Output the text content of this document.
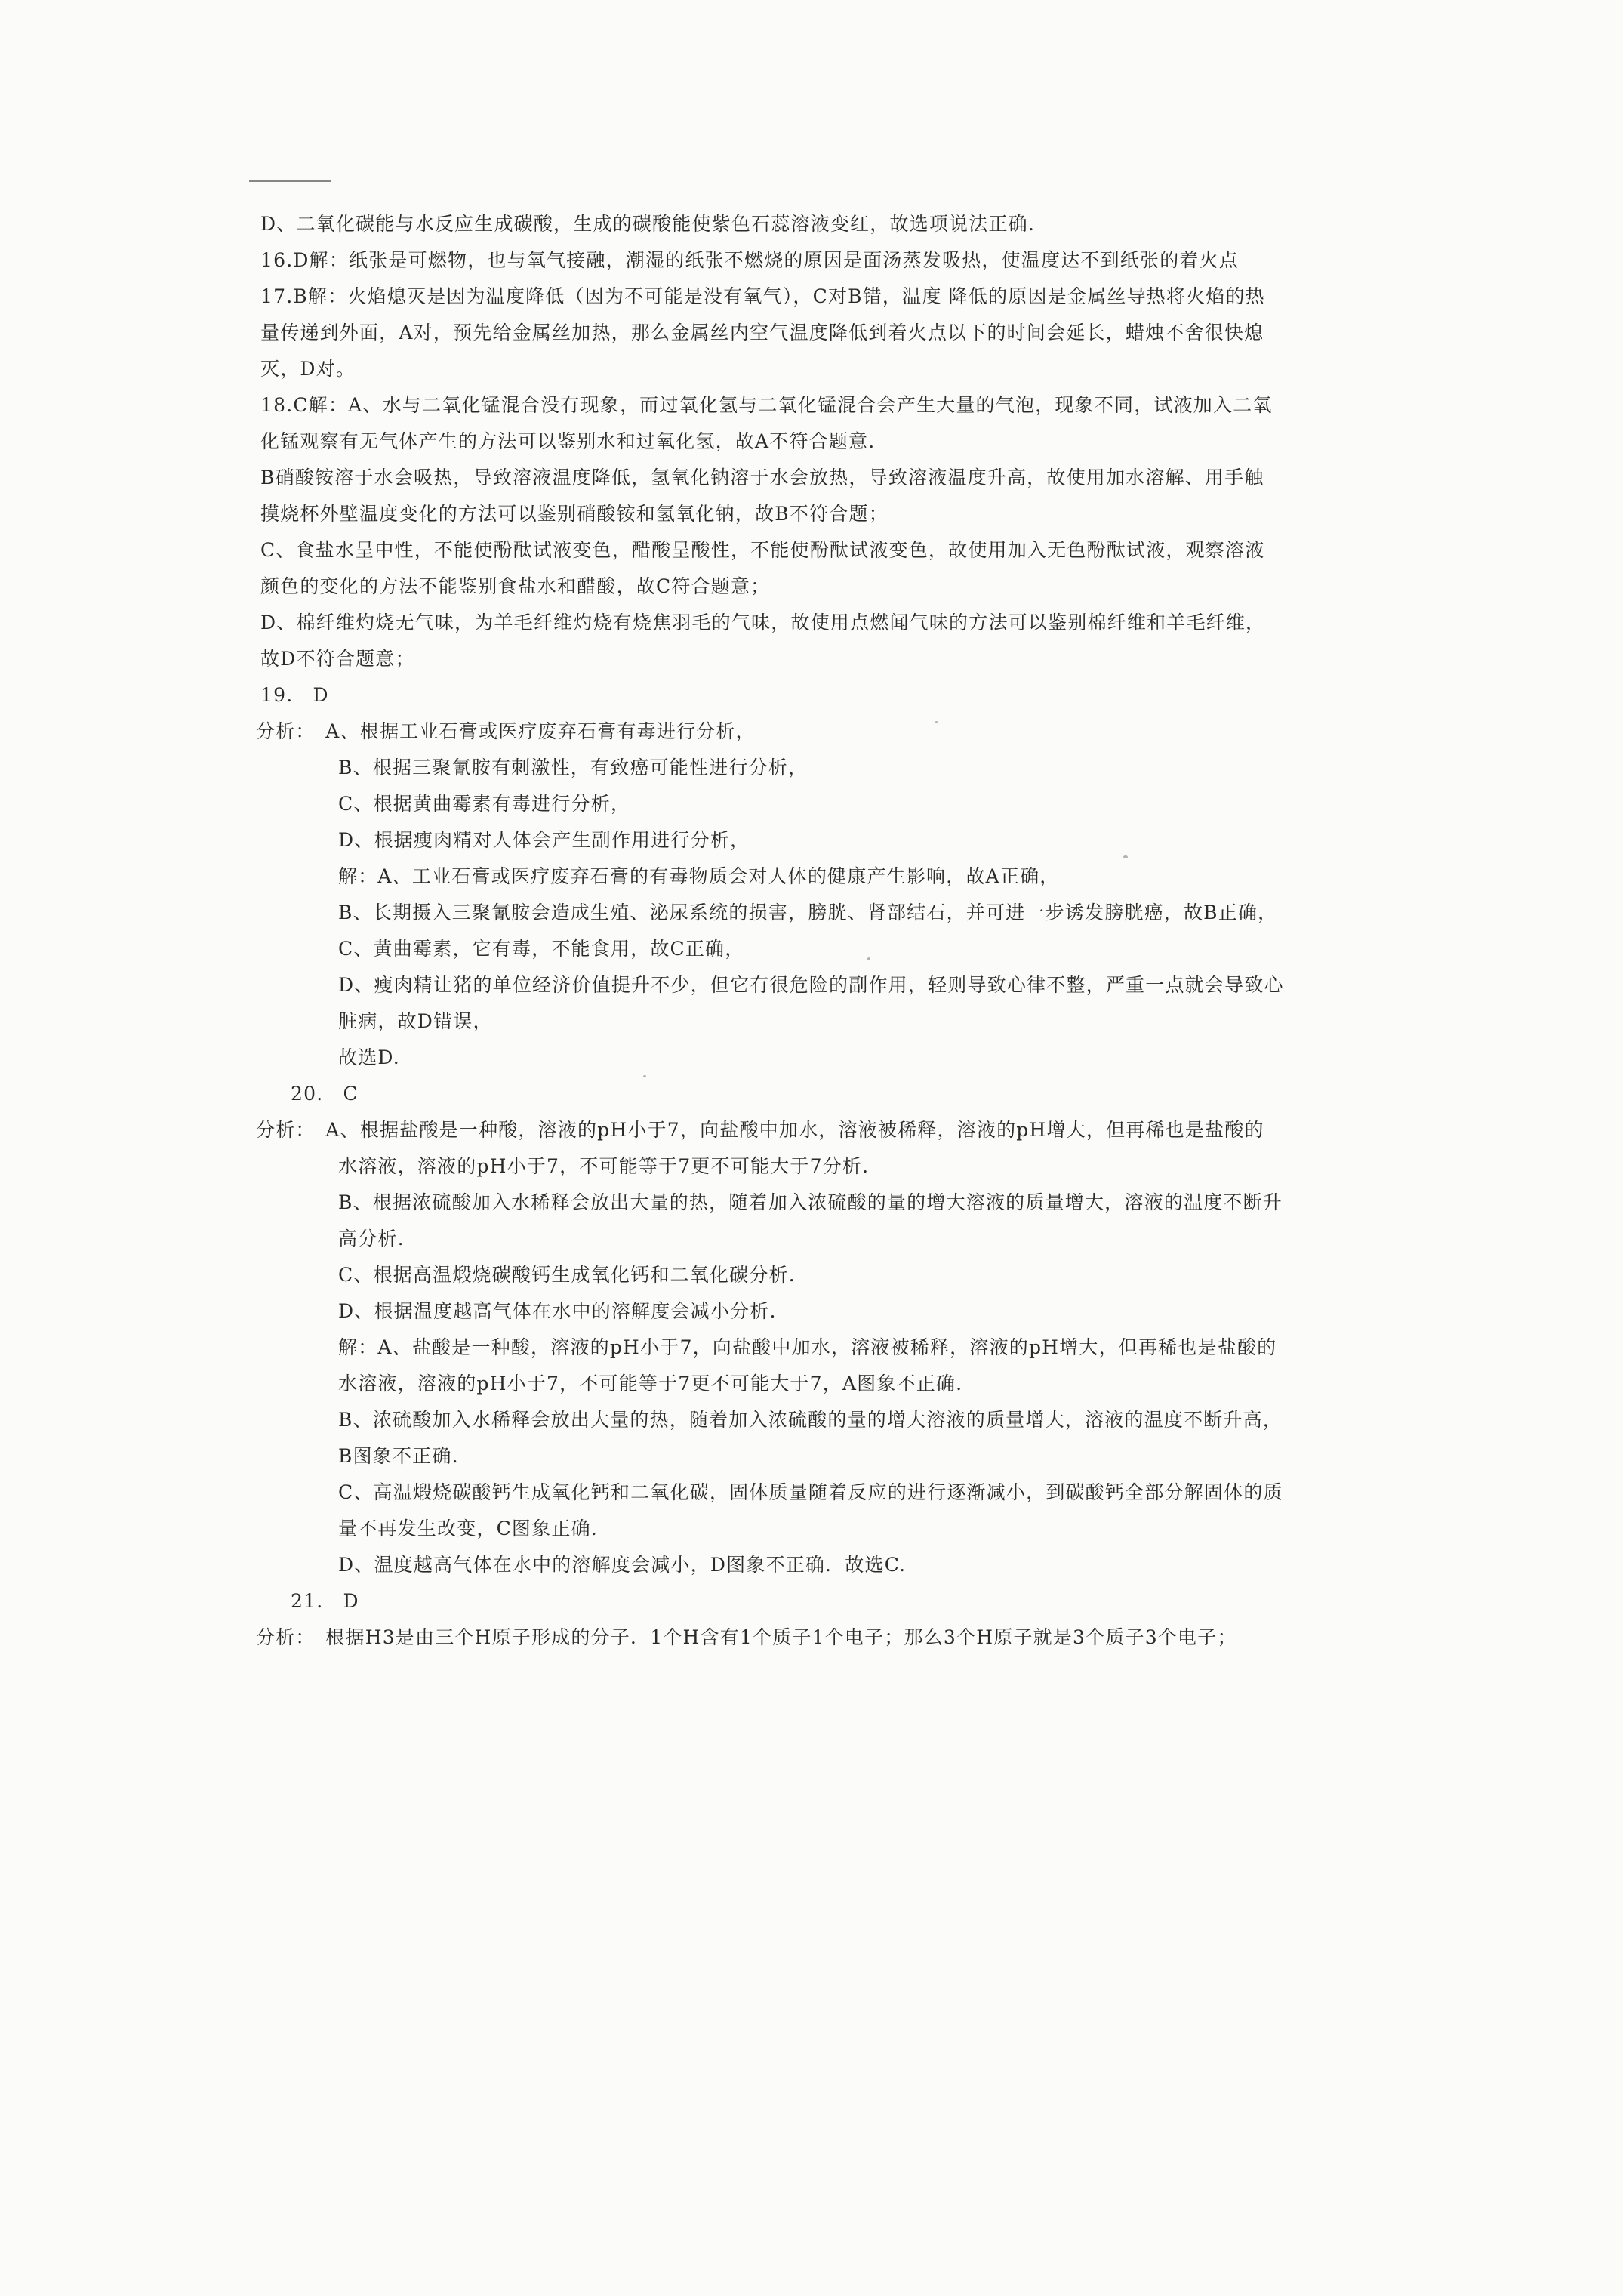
D、二氧化碳能与水反应生成碳酸，生成的碳酸能使紫色石蕊溶液变红，故选项说法正确.
16.D解：纸张是可燃物，也与氧气接融，潮湿的纸张不燃烧的原因是面汤蒸发吸热，使温度达不到纸张的着火点
17.B解：火焰熄灭是因为温度降低（因为不可能是没有氧气），C对B错，温度 降低的原因是金属丝导热将火焰的热
量传递到外面，A对，预先给金属丝加热，那么金属丝内空气温度降低到着火点以下的时间会延长，蜡烛不舍很快熄
灭，D对。
18.C解：A、水与二氧化锰混合没有现象，而过氧化氢与二氧化锰混合会产生大量的气泡，现象不同，试液加入二氧
化锰观察有无气体产生的方法可以鉴别水和过氧化氢，故A不符合题意.
B硝酸铵溶于水会吸热，导致溶液温度降低，氢氧化钠溶于水会放热，导致溶液温度升高，故使用加水溶解、用手触
摸烧杯外壁温度变化的方法可以鉴别硝酸铵和氢氧化钠，故B不符合题；
C、食盐水呈中性，不能使酚酞试液变色，醋酸呈酸性，不能使酚酞试液变色，故使用加入无色酚酞试液，观察溶液
颜色的变化的方法不能鉴别食盐水和醋酸，故C符合题意；
D、棉纤维灼烧无气味，为羊毛纤维灼烧有烧焦羽毛的气味，故使用点燃闻气味的方法可以鉴别棉纤维和羊毛纤维，
故D不符合题意；
19.　D
分析：　A、根据工业石膏或医疗废弃石膏有毒进行分析，
B、根据三聚氰胺有刺激性，有致癌可能性进行分析，
C、根据黄曲霉素有毒进行分析，
D、根据瘦肉精对人体会产生副作用进行分析，
解：A、工业石膏或医疗废弃石膏的有毒物质会对人体的健康产生影响，故A正确，
B、长期摄入三聚氰胺会造成生殖、泌尿系统的损害，膀胱、肾部结石，并可进一步诱发膀胱癌，故B正确，
C、黄曲霉素，它有毒，不能食用，故C正确，
D、瘦肉精让猪的单位经济价值提升不少，但它有很危险的副作用，轻则导致心律不整，严重一点就会导致心
脏病，故D错误，
故选D.
20.　C
分析：　A、根据盐酸是一种酸，溶液的pH小于7，向盐酸中加水，溶液被稀释，溶液的pH增大，但再稀也是盐酸的
水溶液，溶液的pH小于7，不可能等于7更不可能大于7分析.
B、根据浓硫酸加入水稀释会放出大量的热，随着加入浓硫酸的量的增大溶液的质量增大，溶液的温度不断升
高分析.
C、根据高温煅烧碳酸钙生成氧化钙和二氧化碳分析.
D、根据温度越高气体在水中的溶解度会减小分析.
解：A、盐酸是一种酸，溶液的pH小于7，向盐酸中加水，溶液被稀释，溶液的pH增大，但再稀也是盐酸的
水溶液，溶液的pH小于7，不可能等于7更不可能大于7，A图象不正确.
B、浓硫酸加入水稀释会放出大量的热，随着加入浓硫酸的量的增大溶液的质量增大，溶液的温度不断升高，
B图象不正确.
C、高温煅烧碳酸钙生成氧化钙和二氧化碳，固体质量随着反应的进行逐渐减小，到碳酸钙全部分解固体的质
量不再发生改变，C图象正确.
D、温度越高气体在水中的溶解度会减小，D图象不正确．故选C.
21.　D
分析：　根据H3是由三个H原子形成的分子．1个H含有1个质子1个电子；那么3个H原子就是3个质子3个电子；
